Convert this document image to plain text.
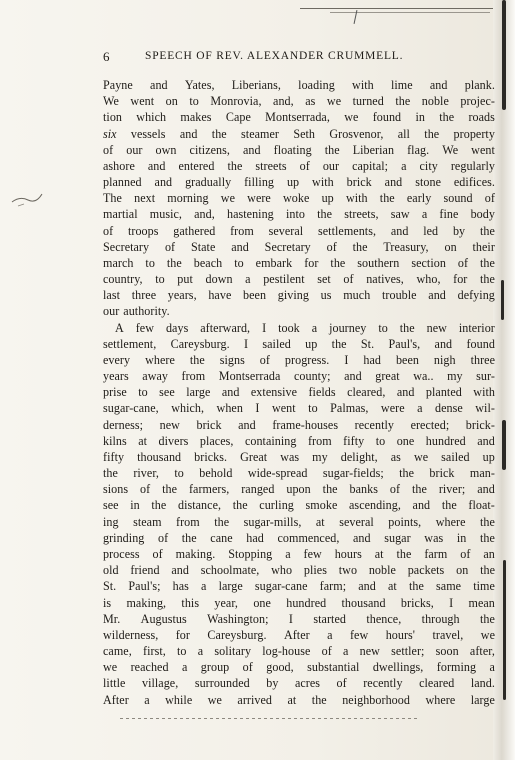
6	SPEECH OF REV. ALEXANDER CRUMMELL.
Payne and Yates, Liberians, loading with lime and plank.
We went on to Monrovia, and, as we turned the noble projec-
tion which makes Cape Montserrada, we found in the roads
six vessels and the steamer Seth Grosvenor, all the property
of our own citizens, and floating the Liberian flag. We went
ashore and entered the streets of our capital; a city regularly
planned and gradually filling up with brick and stone edifices.
The next morning we were woke up with the early sound of
martial music, and, hastening into the streets, saw a fine body
of troops gathered from several settlements, and led by the
Secretary of State and Secretary of the Treasury, on their
march to the beach to embark for the southern section of the
country, to put down a pestilent set of natives, who, for the
last three years, have been giving us much trouble and defying
our authority.
A few days afterward, I took a journey to the new interior
settlement, Careysburg. I sailed up the St. Paul's, and found
every where the signs of progress. I had been nigh three
years away from Montserrada county; and great wa.. my sur-
prise to see large and extensive fields cleared, and planted with
sugar-cane, which, when I went to Palmas, were a dense wil-
derness; new brick and frame-houses recently erected; brick-
kilns at divers places, containing from fifty to one hundred and
fifty thousand bricks. Great was my delight, as we sailed up
the river, to behold wide-spread sugar-fields; the brick man-
sions of the farmers, ranged upon the banks of the river; and
see in the distance, the curling smoke ascending, and the float-
ing steam from the sugar-mills, at several points, where the
grinding of the cane had commenced, and sugar was in the
process of making. Stopping a few hours at the farm of an
old friend and schoolmate, who plies two noble packets on the
St. Paul's; has a large sugar-cane farm; and at the same time
is making, this year, one hundred thousand bricks, I mean
Mr. Augustus Washington; I started thence, through the
wilderness, for Careysburg. After a few hours' travel, we
came, first, to a solitary log-house of a new settler; soon after,
we reached a group of good, substantial dwellings, forming a
little village, surrounded by acres of recently cleared land.
After a while we arrived at the neighborhood where large
